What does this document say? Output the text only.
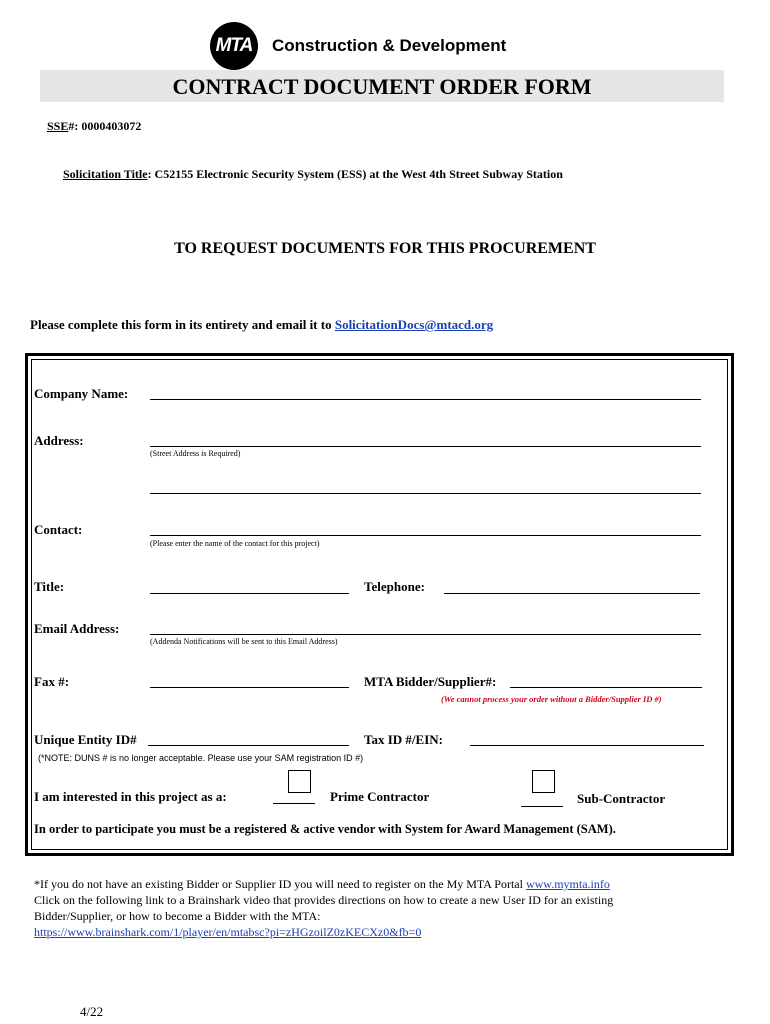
MTA Construction & Development
CONTRACT DOCUMENT ORDER FORM
SSE#: 0000403072
Solicitation Title: C52155 Electronic Security System (ESS) at the West 4th Street Subway Station
TO REQUEST DOCUMENTS FOR THIS PROCUREMENT
Please complete this form in its entirety and email it to SolicitationDocs@mtacd.org
Company Name:
Address:
(Street Address is Required)
Contact:
(Please enter the name of the contact for this project)
Title:	Telephone:
Email Address:
(Addenda Notifications will be sent to this Email Address)
Fax #:	MTA Bidder/Supplier#:
(We cannot process your order without a Bidder/Supplier ID #)
Unique Entity ID#	Tax ID #/EIN:
(*NOTE: DUNS # is no longer acceptable. Please use your SAM registration ID #)
I am interested in this project as a:	Prime Contractor	Sub-Contractor
In order to participate you must be a registered & active vendor with System for Award Management (SAM).
*If you do not have an existing Bidder or Supplier ID you will need to register on the My MTA Portal www.mymta.info
Click on the following link to a Brainshark video that provides directions on how to create a new User ID for an existing
Bidder/Supplier, or how to become a Bidder with the MTA:
https://www.brainshark.com/1/player/en/mtabsc?pi=zHGzoilZ0zKECXz0&fb=0
4/22
